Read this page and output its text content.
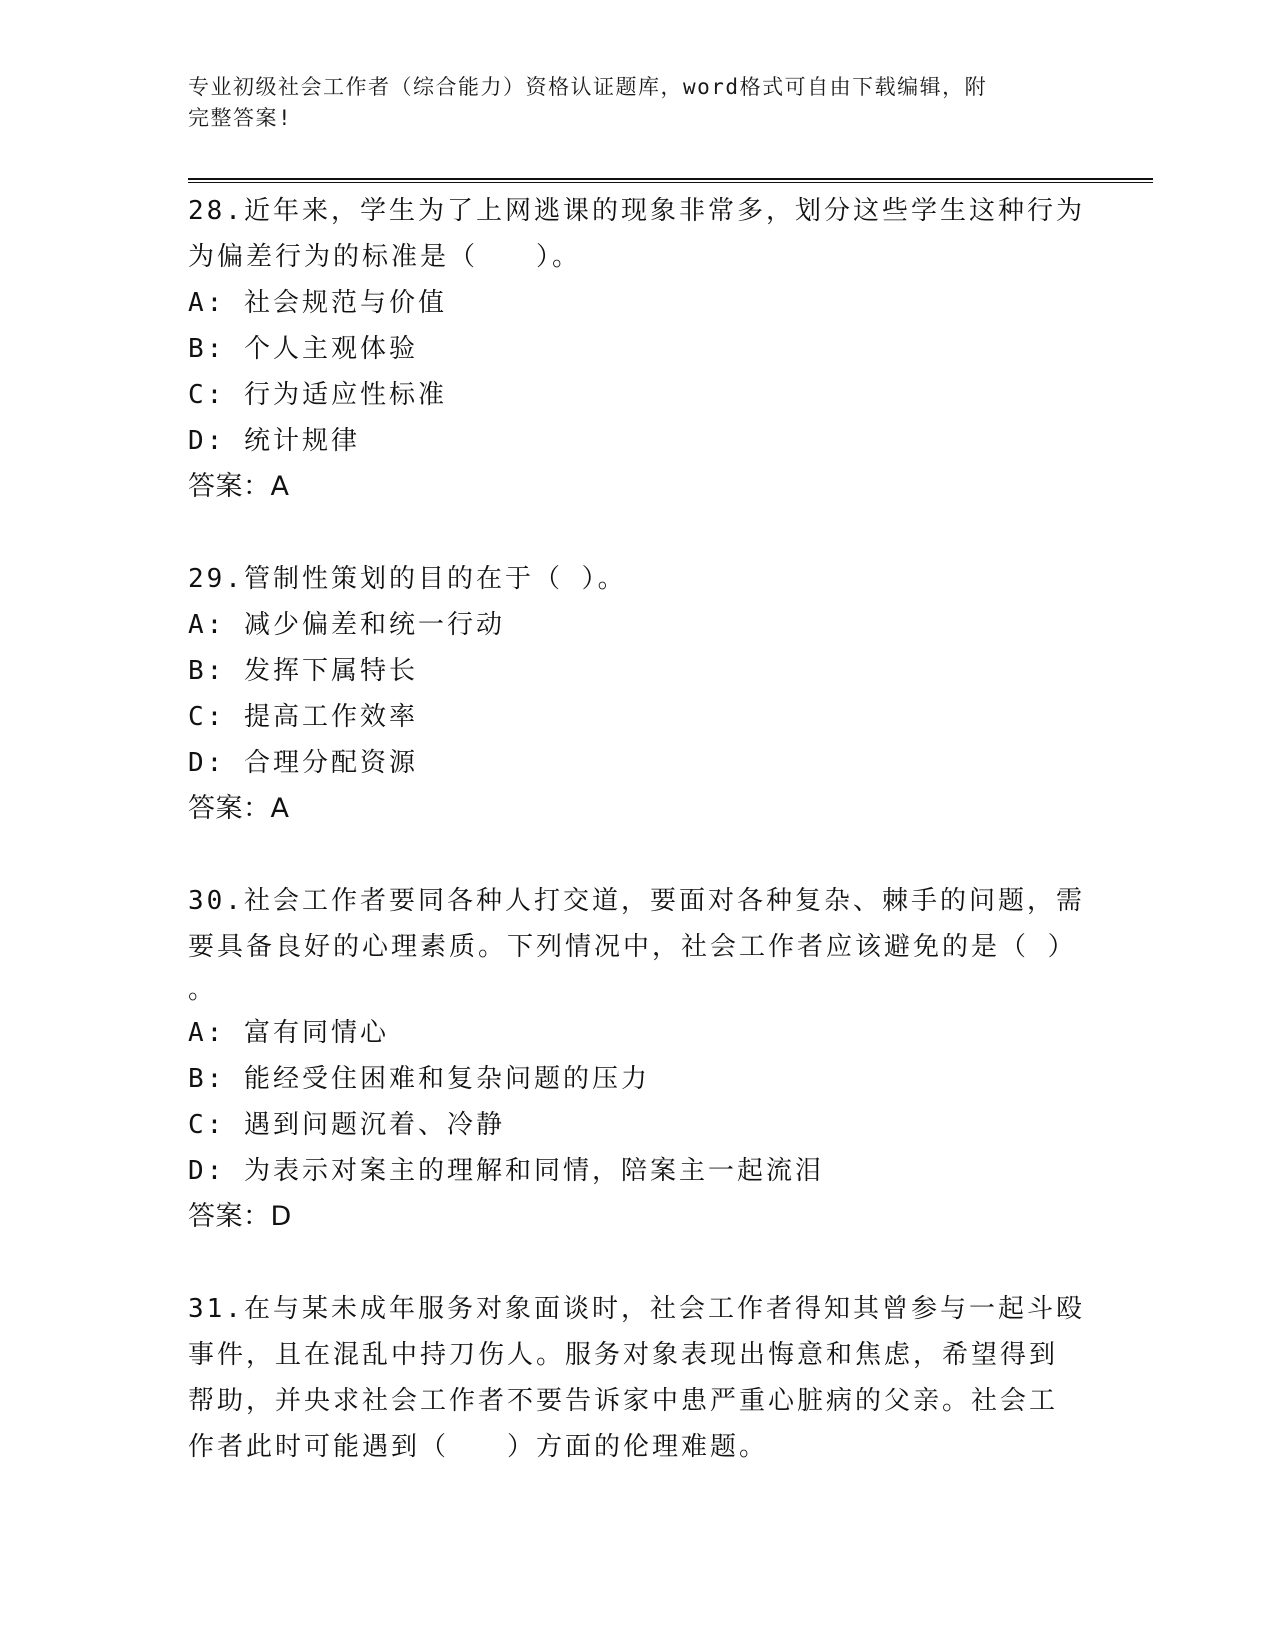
专业初级社会工作者（综合能力）资格认证题库，word格式可自由下载编辑，附
完整答案!

28.近年来，学生为了上网逃课的现象非常多，划分这些学生这种行为

为偏差行为的标准是（　　）。

A: 社会规范与价值

B: 个人主观体验

C: 行为适应性标准

D: 统计规律

答案：A

29.管制性策划的目的在于（ ）。

A: 减少偏差和统一行动

B: 发挥下属特长

C: 提高工作效率

D: 合理分配资源

答案：A

30.社会工作者要同各种人打交道，要面对各种复杂、棘手的问题，需

要具备良好的心理素质。下列情况中，社会工作者应该避免的是（ ）

。

A: 富有同情心

B: 能经受住困难和复杂问题的压力

C: 遇到问题沉着、冷静

D: 为表示对案主的理解和同情，陪案主一起流泪

答案：D

31.在与某未成年服务对象面谈时，社会工作者得知其曾参与一起斗殴

事件，且在混乱中持刀伤人。服务对象表现出悔意和焦虑，希望得到

帮助，并央求社会工作者不要告诉家中患严重心脏病的父亲。社会工

作者此时可能遇到（　　）方面的伦理难题。
